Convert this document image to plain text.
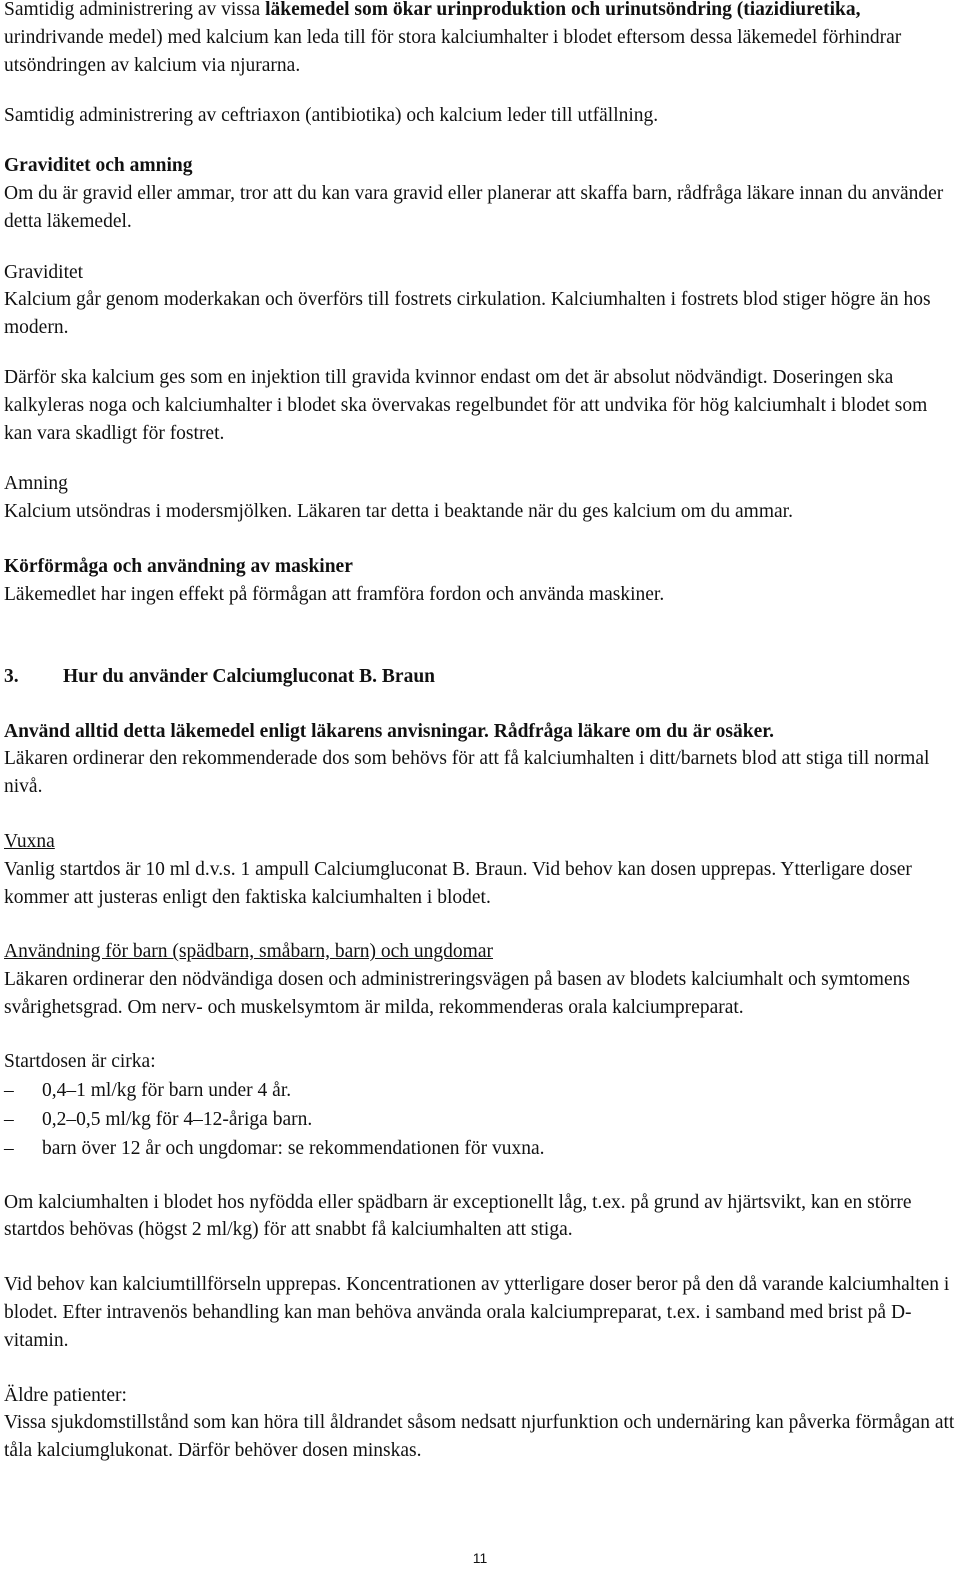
Samtidig administrering av vissa läkemedel som ökar urinproduktion och urinutsöndring (tiazidiuretika, urindrivande medel) med kalcium kan leda till för stora kalciumhalter i blodet eftersom dessa läkemedel förhindrar utsöndringen av kalcium via njurarna.

Samtidig administrering av ceftriaxon (antibiotika) och kalcium leder till utfällning.

Graviditet och amning

Om du är gravid eller ammar, tror att du kan vara gravid eller planerar att skaffa barn, rådfråga läkare innan du använder detta läkemedel.

Graviditet

Kalcium går genom moderkakan och överförs till fostrets cirkulation. Kalciumhalten i fostrets blod stiger högre än hos modern.

Därför ska kalcium ges som en injektion till gravida kvinnor endast om det är absolut nödvändigt. Doseringen ska kalkyleras noga och kalciumhalter i blodet ska övervakas regelbundet för att undvika för hög kalciumhalt i blodet som kan vara skadligt för fostret.

Amning

Kalcium utsöndras i modersmjölken. Läkaren tar detta i beaktande när du ges kalcium om du ammar.

Körförmåga och användning av maskiner

Läkemedlet har ingen effekt på förmågan att framföra fordon och använda maskiner.

3. Hur du använder Calciumgluconat B. Braun

Använd alltid detta läkemedel enligt läkarens anvisningar. Rådfråga läkare om du är osäker.

Läkaren ordinerar den rekommenderade dos som behövs för att få kalciumhalten i ditt/barnets blod att stiga till normal nivå.

Vuxna

Vanlig startdos är 10 ml d.v.s. 1 ampull Calciumgluconat B. Braun. Vid behov kan dosen upprepas. Ytterligare doser kommer att justeras enligt den faktiska kalciumhalten i blodet.

Användning för barn (spädbarn, småbarn, barn) och ungdomar

Läkaren ordinerar den nödvändiga dosen och administreringsvägen på basen av blodets kalciumhalt och symtomens svårighetsgrad. Om nerv- och muskelsymtom är milda, rekommenderas orala kalciumpreparat.

Startdosen är cirka:

– 0,4–1 ml/kg för barn under 4 år.
– 0,2–0,5 ml/kg för 4–12-åriga barn.
– barn över 12 år och ungdomar: se rekommendationen för vuxna.

Om kalciumhalten i blodet hos nyfödda eller spädbarn är exceptionellt låg, t.ex. på grund av hjärtsvikt, kan en större startdos behövas (högst 2 ml/kg) för att snabbt få kalciumhalten att stiga.

Vid behov kan kalciumtillförseln upprepas. Koncentrationen av ytterligare doser beror på den då varande kalciumhalten i blodet. Efter intravenös behandling kan man behöva använda orala kalciumpreparat, t.ex. i samband med brist på D-vitamin.

Äldre patienter:

Vissa sjukdomstillstånd som kan höra till åldrandet såsom nedsatt njurfunktion och undernäring kan påverka förmågan att tåla kalciumglukonat. Därför behöver dosen minskas.

11
